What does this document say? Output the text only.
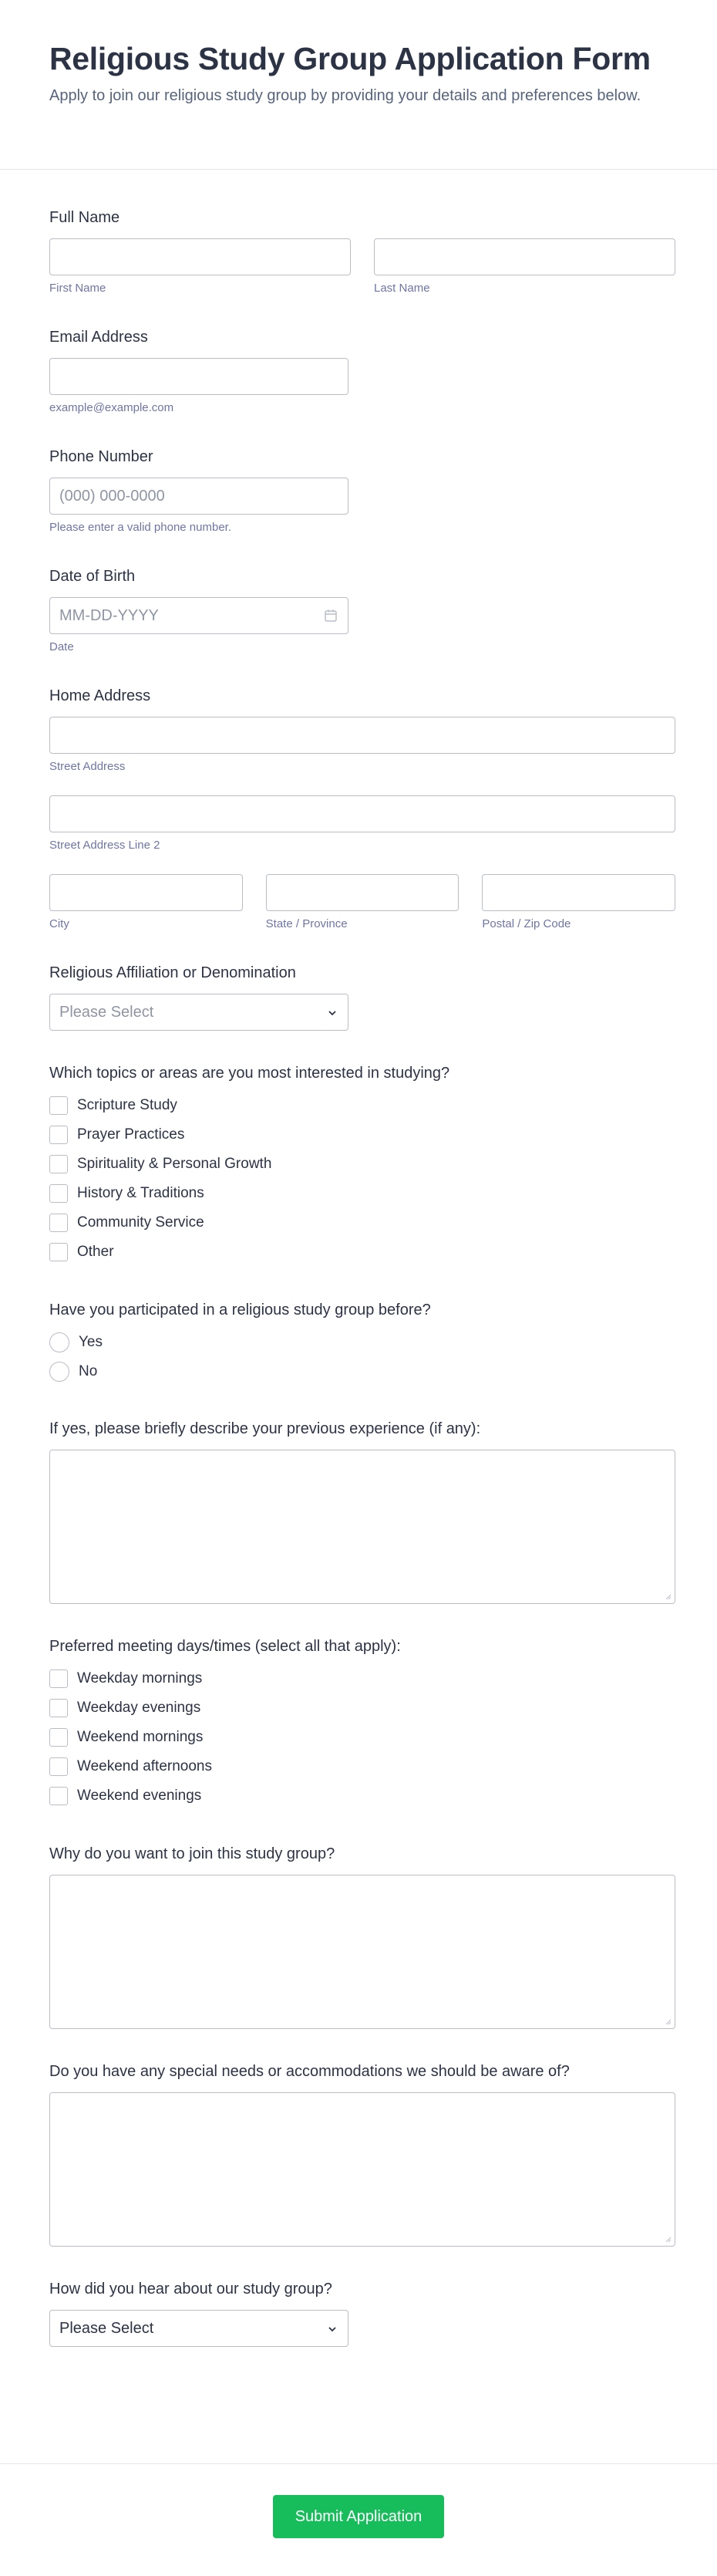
Religious Study Group Application Form

Apply to join our religious study group by providing your details and preferences below.

Full Name
First Name	Last Name
Email Address
example@example.com
Phone Number
(000) 000-0000
Please enter a valid phone number.
Date of Birth
MM-DD-YYYY
Date
Home Address
Street Address
Street Address Line 2
City	State / Province	Postal / Zip Code
Religious Affiliation or Denomination
Please Select
Which topics or areas are you most interested in studying?
Scripture Study
Prayer Practices
Spirituality & Personal Growth
History & Traditions
Community Service
Other
Have you participated in a religious study group before?
Yes
No
If yes, please briefly describe your previous experience (if any):
Preferred meeting days/times (select all that apply):
Weekday mornings
Weekday evenings
Weekend mornings
Weekend afternoons
Weekend evenings
Why do you want to join this study group?
Do you have any special needs or accommodations we should be aware of?
How did you hear about our study group?
Please Select
Submit Application
